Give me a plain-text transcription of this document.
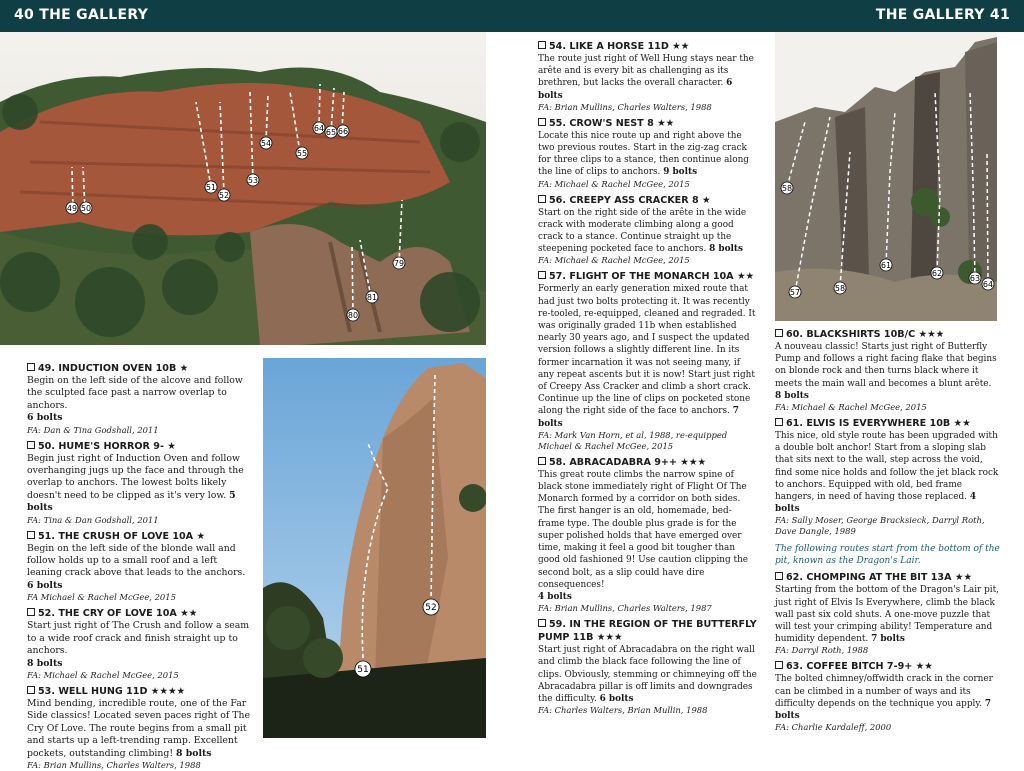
40 THE GALLERY	THE GALLERY 41
49 50
51
52
53
54
55
64 65 66
79
81
80
52
51
58
57	58
61
62
63
64
49. INDUCTION OVEN 10B ★

Begin on the left side of the alcove and follow the sculpted face past a narrow overlap to anchors.

6 bolts

FA: Dan & Tina Godshall, 2011

50. HUME'S HORROR 9- ★

Begin just right of Induction Oven and follow overhanging jugs up the face and through the overlap to anchors. The lowest bolts likely doesn't need to be clipped as it's very low. 5 bolts

FA: Tina & Dan Godshall, 2011

51. THE CRUSH OF LOVE 10A ★

Begin on the left side of the blonde wall and follow holds up to a small roof and a left leaning crack above that leads to the anchors. 6 bolts

FA Michael & Rachel McGee, 2015

52. THE CRY OF LOVE 10A ★★

Start just right of The Crush and follow a seam to a wide roof crack and finish straight up to anchors.

8 bolts

FA: Michael & Rachel McGee, 2015

53. WELL HUNG 11D ★★★★

Mind bending, incredible route, one of the Far Side classics! Located seven paces right of The Cry Of Love. The route begins from a small pit and starts up a left-trending ramp. Excellent pockets, outstanding climbing! 8 bolts

FA: Brian Mullins, Charles Walters, 1988

54. LIKE A HORSE 11D ★★

The route just right of Well Hung stays near the arête and is every bit as challenging as its brethren, but lacks the overall character. 6 bolts

FA: Brian Mullins, Charles Walters, 1988

55. CROW'S NEST 8 ★★

Locate this nice route up and right above the two previous routes. Start in the zig-zag crack for three clips to a stance, then continue along the line of clips to anchors. 9 bolts

FA: Michael & Rachel McGee, 2015

56. CREEPY ASS CRACKER 8 ★

Start on the right side of the arête in the wide crack with moderate climbing along a good crack to a stance. Continue straight up the steepening pocketed face to anchors. 8 bolts

FA: Michael & Rachel McGee, 2015

57. FLIGHT OF THE MONARCH 10A ★★

Formerly an early generation mixed route that had just two bolts protecting it. It was recently re-tooled, re-equipped, cleaned and regraded. It was originally graded 11b when established nearly 30 years ago, and I suspect the updated version follows a slightly different line. In its former incarnation it was not seeing many, if any repeat ascents but it is now! Start just right of Creepy Ass Cracker and climb a short crack. Continue up the line of clips on pocketed stone along the right side of the face to anchors. 7 bolts

FA: Mark Van Horn, et al, 1988, re-equipped Michael & Rachel McGee, 2015

58. ABRACADABRA 9++ ★★★

This great route climbs the narrow spine of black stone immediately right of Flight Of The Monarch formed by a corridor on both sides. The first hanger is an old, homemade, bed-frame type. The double plus grade is for the super polished holds that have emerged over time, making it feel a good bit tougher than good old fashioned 9! Use caution clipping the second bolt, as a slip could have dire consequences!

4 bolts

FA: Brian Mullins, Charles Walters, 1987

59. IN THE REGION OF THE BUTTERFLY PUMP 11B ★★★

Start just right of Abracadabra on the right wall and climb the black face following the line of clips. Obviously, stemming or chimneying off the Abracadabra pillar is off limits and downgrades the difficulty. 6 bolts

FA: Charles Walters, Brian Mullin, 1988

60. BLACKSHIRTS 10B/C ★★★

A nouveau classic! Starts just right of Butterfly Pump and follows a right facing flake that begins on blonde rock and then turns black where it meets the main wall and becomes a blunt arête. 8 bolts

FA: Michael & Rachel McGee, 2015

61. ELVIS IS EVERYWHERE 10B ★★

This nice, old style route has been upgraded with a double bolt anchor! Start from a sloping slab that sits next to the wall, step across the void, find some nice holds and follow the jet black rock to anchors. Equipped with old, bed frame hangers, in need of having those replaced. 4 bolts

FA: Sally Moser, George Bracksieck, Darryl Roth, Dave Dangle, 1989

The following routes start from the bottom of the pit, known as the Dragon's Lair.

62. CHOMPING AT THE BIT 13A ★★

Starting from the bottom of the Dragon's Lair pit, just right of Elvis Is Everywhere, climb the black wall past six cold shuts. A one-move puzzle that will test your crimping ability! Temperature and humidity dependent. 7 bolts

FA: Darryl Roth, 1988

63. COFFEE BITCH 7-9+ ★★

The bolted chimney/offwidth crack in the corner can be climbed in a number of ways and its difficulty depends on the technique you apply. 7 bolts

FA: Charlie Kardaleff, 2000
